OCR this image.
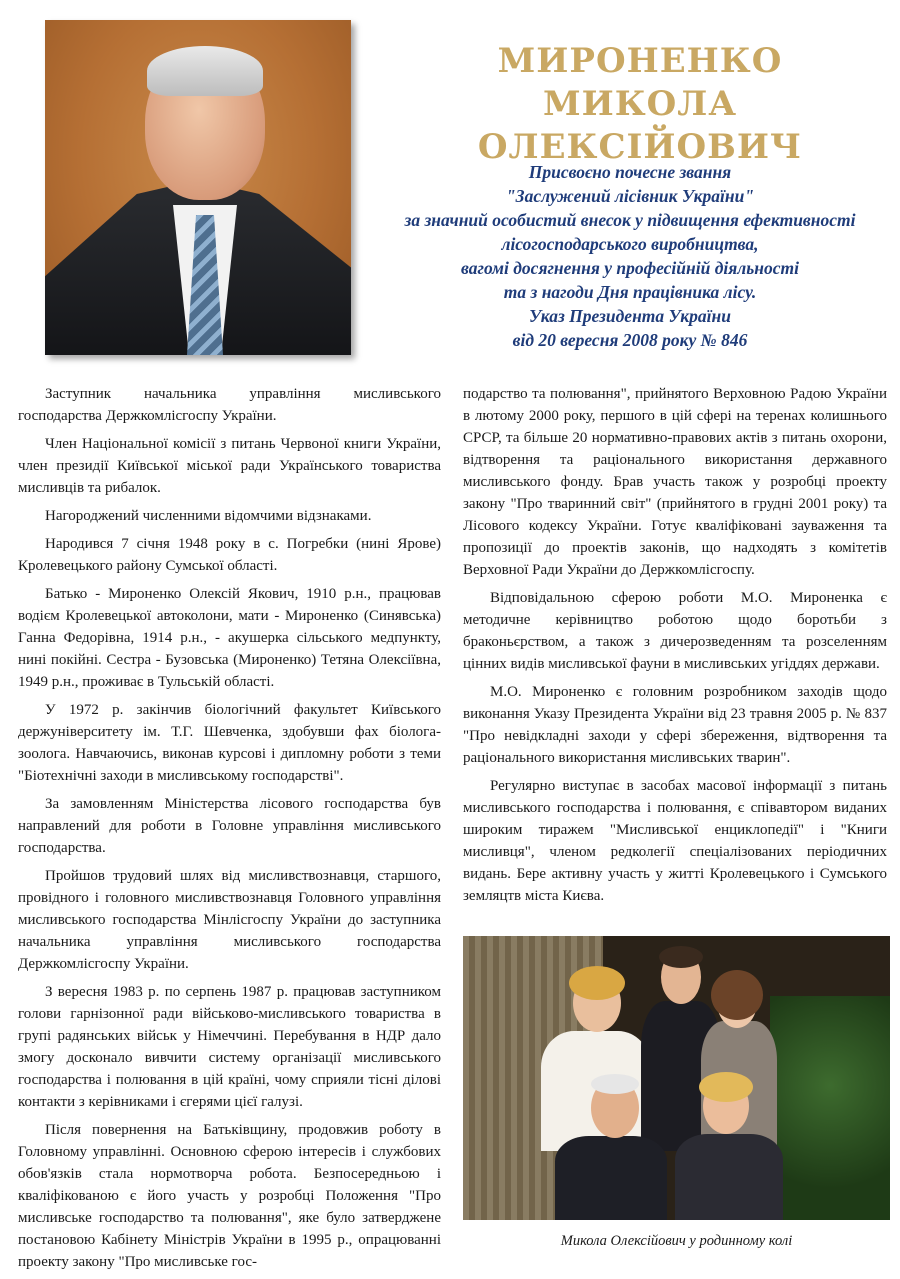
МИРОНЕНКО
МИКОЛА ОЛЕКСІЙОВИЧ
Присвоєно почесне звання
"Заслужений лісівник України"
за значний особистий внесок у підвищення ефективності
лісогосподарського виробництва,
вагомі досягнення у професійній діяльності
та з нагоди Дня працівника лісу.
Указ Президента України
від 20 вересня 2008 року № 846

Заступник начальника управління мисливського господарства Держкомлісгоспу України.

Член Національної комісії з питань Червоної книги України, член президії Київської міської ради Українського товариства мисливців та рибалок.

Нагороджений численними відомчими відзнаками.

Народився 7 січня 1948 року в с. Погребки (нині Ярове) Кролевецького району Сумської області.

Батько - Мироненко Олексій Якович, 1910 р.н., працював водієм Кролевецької автоколони, мати - Мироненко (Синявська) Ганна Федорівна, 1914 р.н., - акушерка сільського медпункту, нині покійні. Сестра - Бузовська (Мироненко) Тетяна Олексіївна, 1949 р.н., проживає в Тульській області.

У 1972 р. закінчив біологічний факультет Київського держуніверситету ім. Т.Г. Шевченка, здобувши фах біолога-зоолога. Навчаючись, виконав курсові і дипломну роботи з теми "Біотехнічні заходи в мисливському господарстві".

За замовленням Міністерства лісового господарства був направлений для роботи в Головне управління мисливського господарства.

Пройшов трудовий шлях від мисливствознавця, старшого, провідного і головного мисливствознавця Головного управління мисливського господарства Мінлісгоспу України до заступника начальника управління мисливського господарства Держкомлісгоспу України.

З вересня 1983 р. по серпень 1987 р. працював заступником голови гарнізонної ради військово-мисливського товариства в групі радянських військ у Німеччині. Перебування в НДР дало змогу досконало вивчити систему організації мисливського господарства і полювання в цій країні, чому сприяли тісні ділові контакти з керівниками і єгерями цієї галузі.

Після повернення на Батьківщину, продовжив роботу в Головному управлінні. Основною сферою інтересів і службових обов'язків стала нормотворча робота. Безпосередньою і кваліфікованою є його участь у розробці Положення "Про мисливське господарство та полювання", яке було затверджене постановою Кабінету Міністрів України в 1995 р., опрацюванні проекту закону "Про мисливське гос-

подарство та полювання", прийнятого Верховною Радою України в лютому 2000 року, першого в цій сфері на теренах колишнього СРСР, та більше 20 нормативно-правових актів з питань охорони, відтворення та раціонального використання державного мисливського фонду. Брав участь також у розробці проекту закону "Про тваринний світ" (прийнятого в грудні 2001 року) та Лісового кодексу України. Готує кваліфіковані зауваження та пропозиції до проектів законів, що надходять з комітетів Верховної Ради України до Держкомлісгоспу.

Відповідальною сферою роботи М.О. Мироненка є методичне керівництво роботою щодо боротьби з браконьєрством, а також з дичерозведенням та розселенням цінних видів мисливської фауни в мисливських угіддях держави.

М.О. Мироненко є головним розробником заходів щодо виконання Указу Президента України від 23 травня 2005 р. № 837 "Про невідкладні заходи у сфері збереження, відтворення та раціонального використання мисливських тварин".

Регулярно виступає в засобах масової інформації з питань мисливського господарства і полювання, є співавтором виданих широким тиражем "Мисливської енциклопедії" і "Книги мисливця", членом редколегії спеціалізованих періодичних видань. Бере активну участь у житті Кролевецького і Сумського земляцтв міста Києва.

Микола Олексійович у родинному колі
